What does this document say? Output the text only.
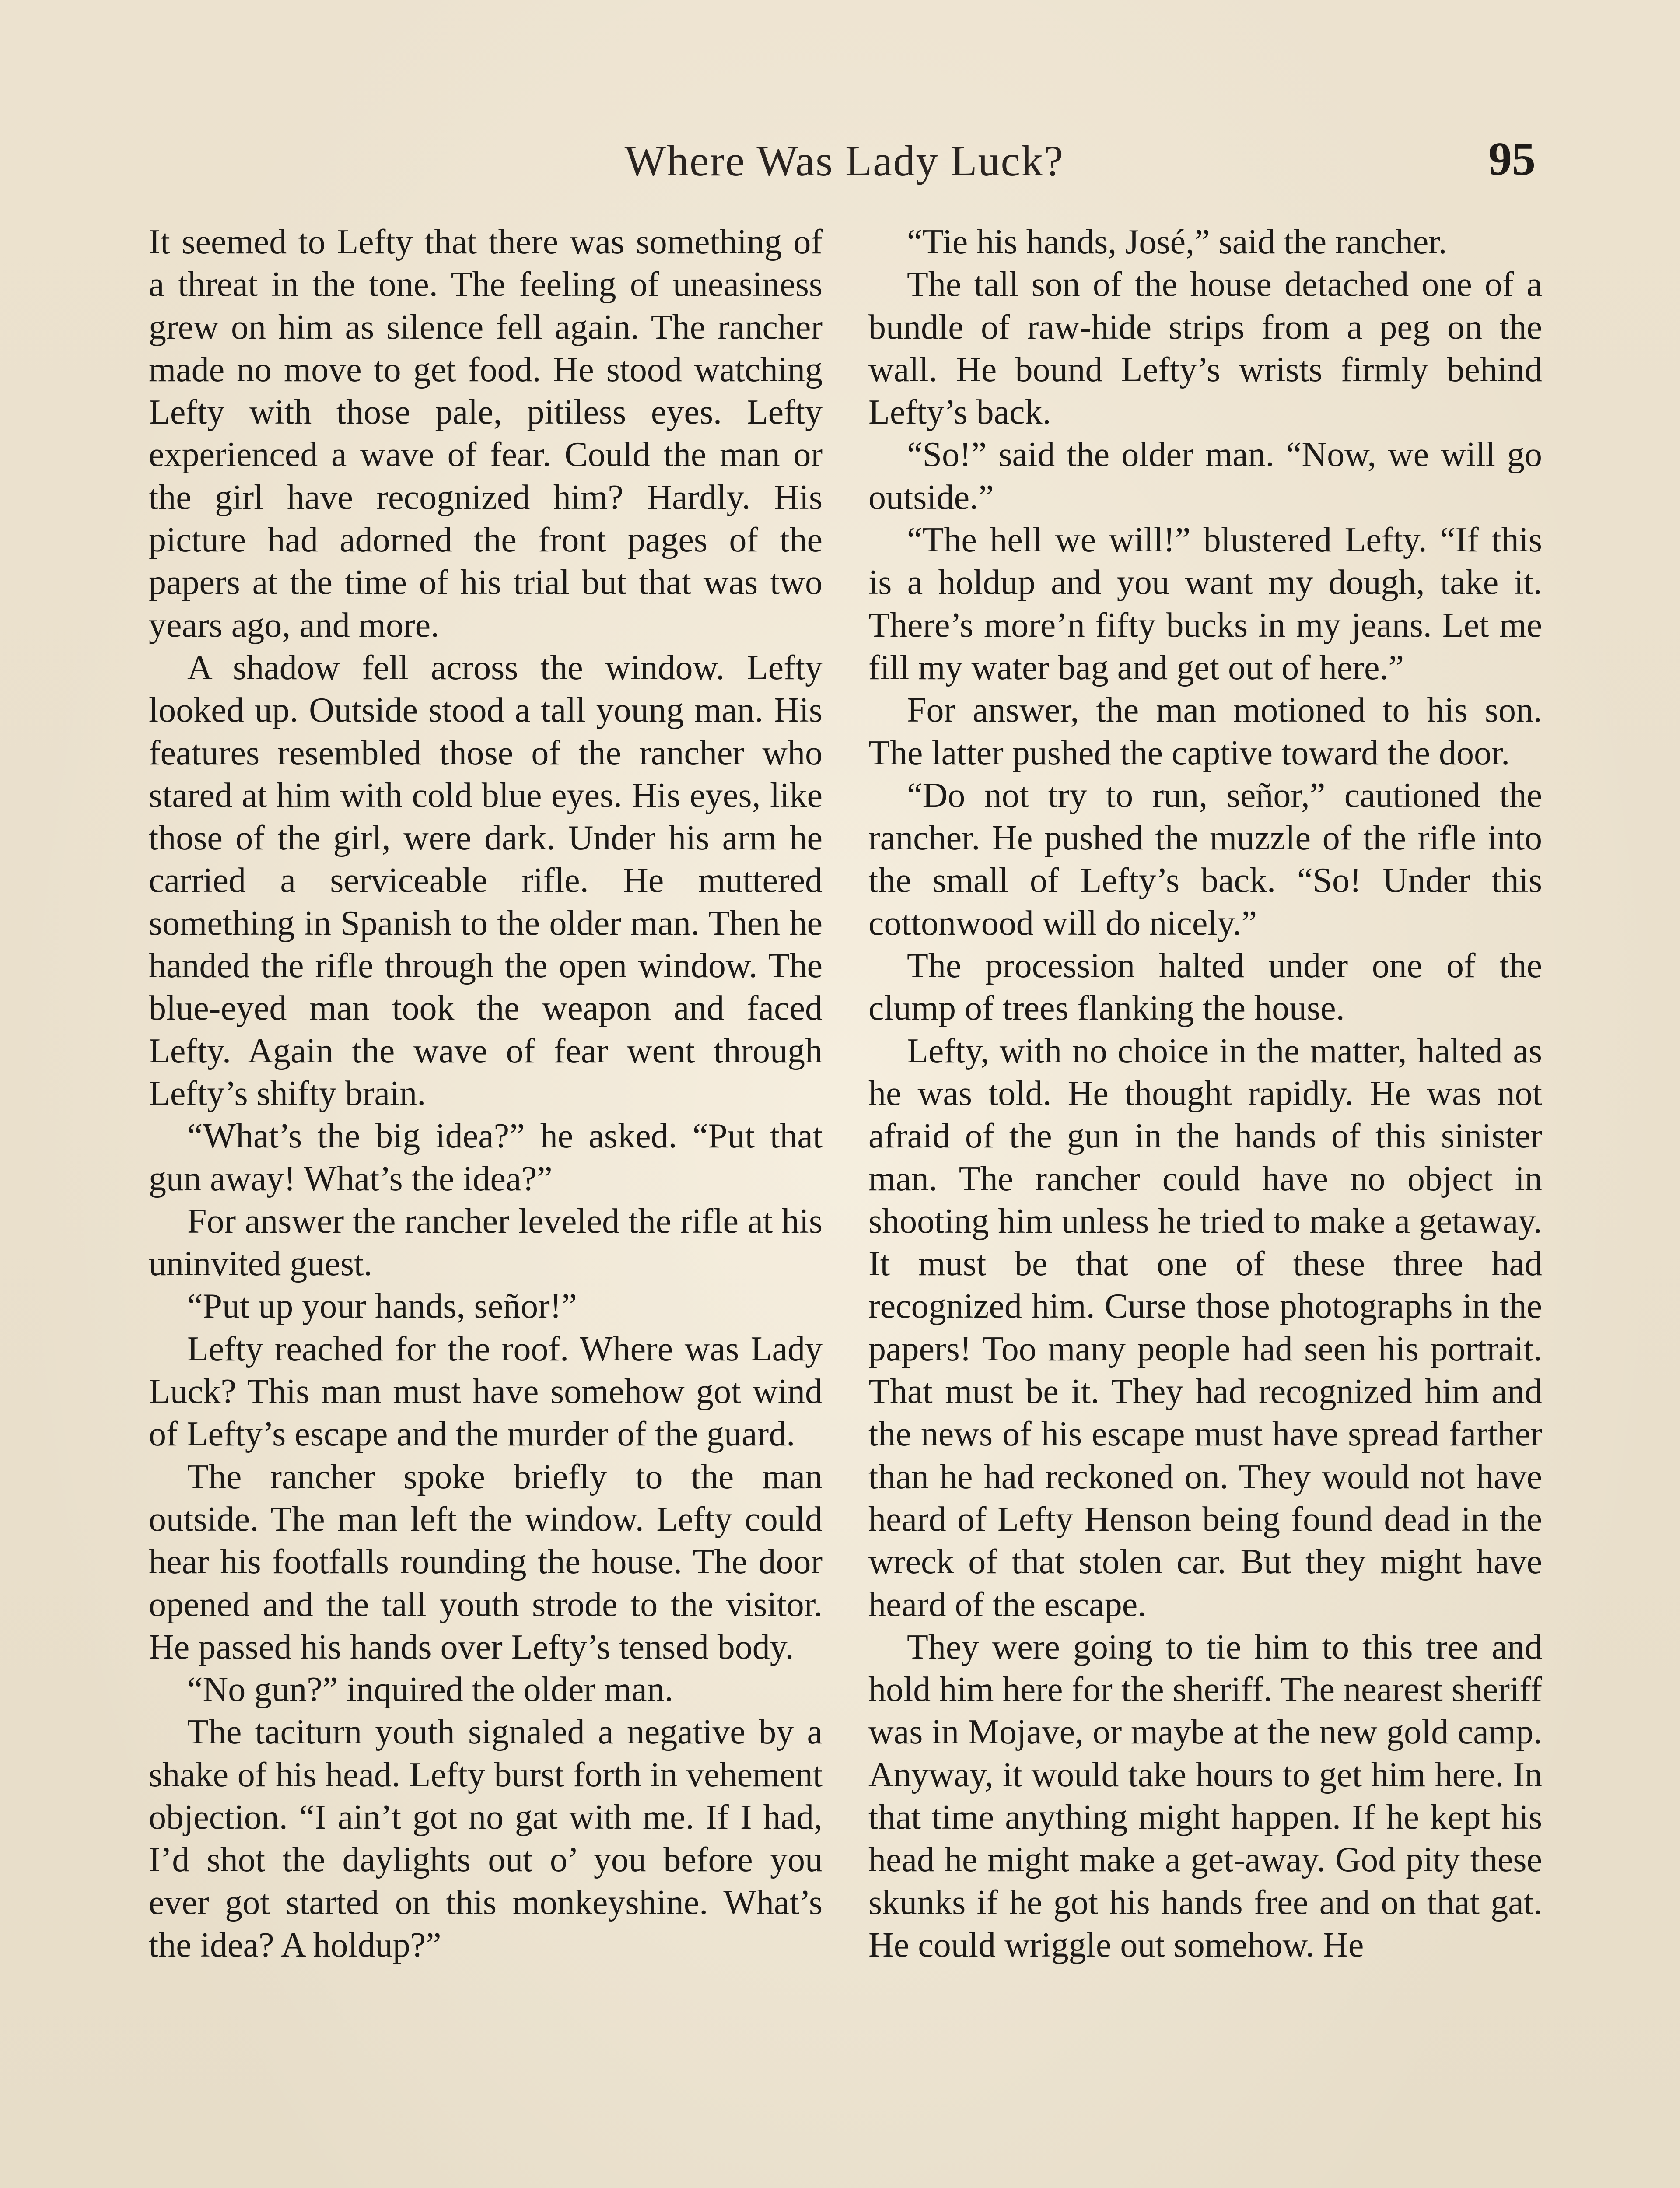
Where Was Lady Luck?	95

It seemed to Lefty that there was something of a threat in the tone. The feeling of uneasiness grew on him as silence fell again. The rancher made no move to get food. He stood watching Lefty with those pale, pitiless eyes. Lefty experienced a wave of fear. Could the man or the girl have recognized him? Hardly. His picture had adorned the front pages of the papers at the time of his trial but that was two years ago, and more.

A shadow fell across the window. Lefty looked up. Outside stood a tall young man. His features resembled those of the rancher who stared at him with cold blue eyes. His eyes, like those of the girl, were dark. Under his arm he carried a serviceable rifle. He muttered something in Spanish to the older man. Then he handed the rifle through the open window. The blue-eyed man took the weapon and faced Lefty. Again the wave of fear went through Lefty’s shifty brain.

“What’s the big idea?” he asked. “Put that gun away! What’s the idea?”

For answer the rancher leveled the rifle at his uninvited guest.

“Put up your hands, señor!”

Lefty reached for the roof. Where was Lady Luck? This man must have somehow got wind of Lefty’s escape and the murder of the guard.

The rancher spoke briefly to the man outside. The man left the window. Lefty could hear his footfalls rounding the house. The door opened and the tall youth strode to the visitor. He passed his hands over Lefty’s tensed body.

“No gun?” inquired the older man.

The taciturn youth signaled a negative by a shake of his head. Lefty burst forth in vehement objection. “I ain’t got no gat with me. If I had, I’d shot the daylights out o’ you before you ever got started on this monkeyshine. What’s the idea? A holdup?”

“Tie his hands, José,” said the rancher.

The tall son of the house detached one of a bundle of raw-hide strips from a peg on the wall. He bound Lefty’s wrists firmly behind Lefty’s back.

“So!” said the older man. “Now, we will go outside.”

“The hell we will!” blustered Lefty. “If this is a holdup and you want my dough, take it. There’s more’n fifty bucks in my jeans. Let me fill my water bag and get out of here.”

For answer, the man motioned to his son. The latter pushed the captive toward the door.

“Do not try to run, señor,” cautioned the rancher. He pushed the muzzle of the rifle into the small of Lefty’s back. “So! Under this cottonwood will do nicely.”

The procession halted under one of the clump of trees flanking the house.

Lefty, with no choice in the matter, halted as he was told. He thought rapidly. He was not afraid of the gun in the hands of this sinister man. The rancher could have no object in shooting him unless he tried to make a getaway. It must be that one of these three had recognized him. Curse those photographs in the papers! Too many people had seen his portrait. That must be it. They had recognized him and the news of his escape must have spread farther than he had reckoned on. They would not have heard of Lefty Henson being found dead in the wreck of that stolen car. But they might have heard of the escape.

They were going to tie him to this tree and hold him here for the sheriff. The nearest sheriff was in Mojave, or maybe at the new gold camp. Anyway, it would take hours to get him here. In that time anything might happen. If he kept his head he might make a get-away. God pity these skunks if he got his hands free and on that gat. He could wriggle out somehow. He
